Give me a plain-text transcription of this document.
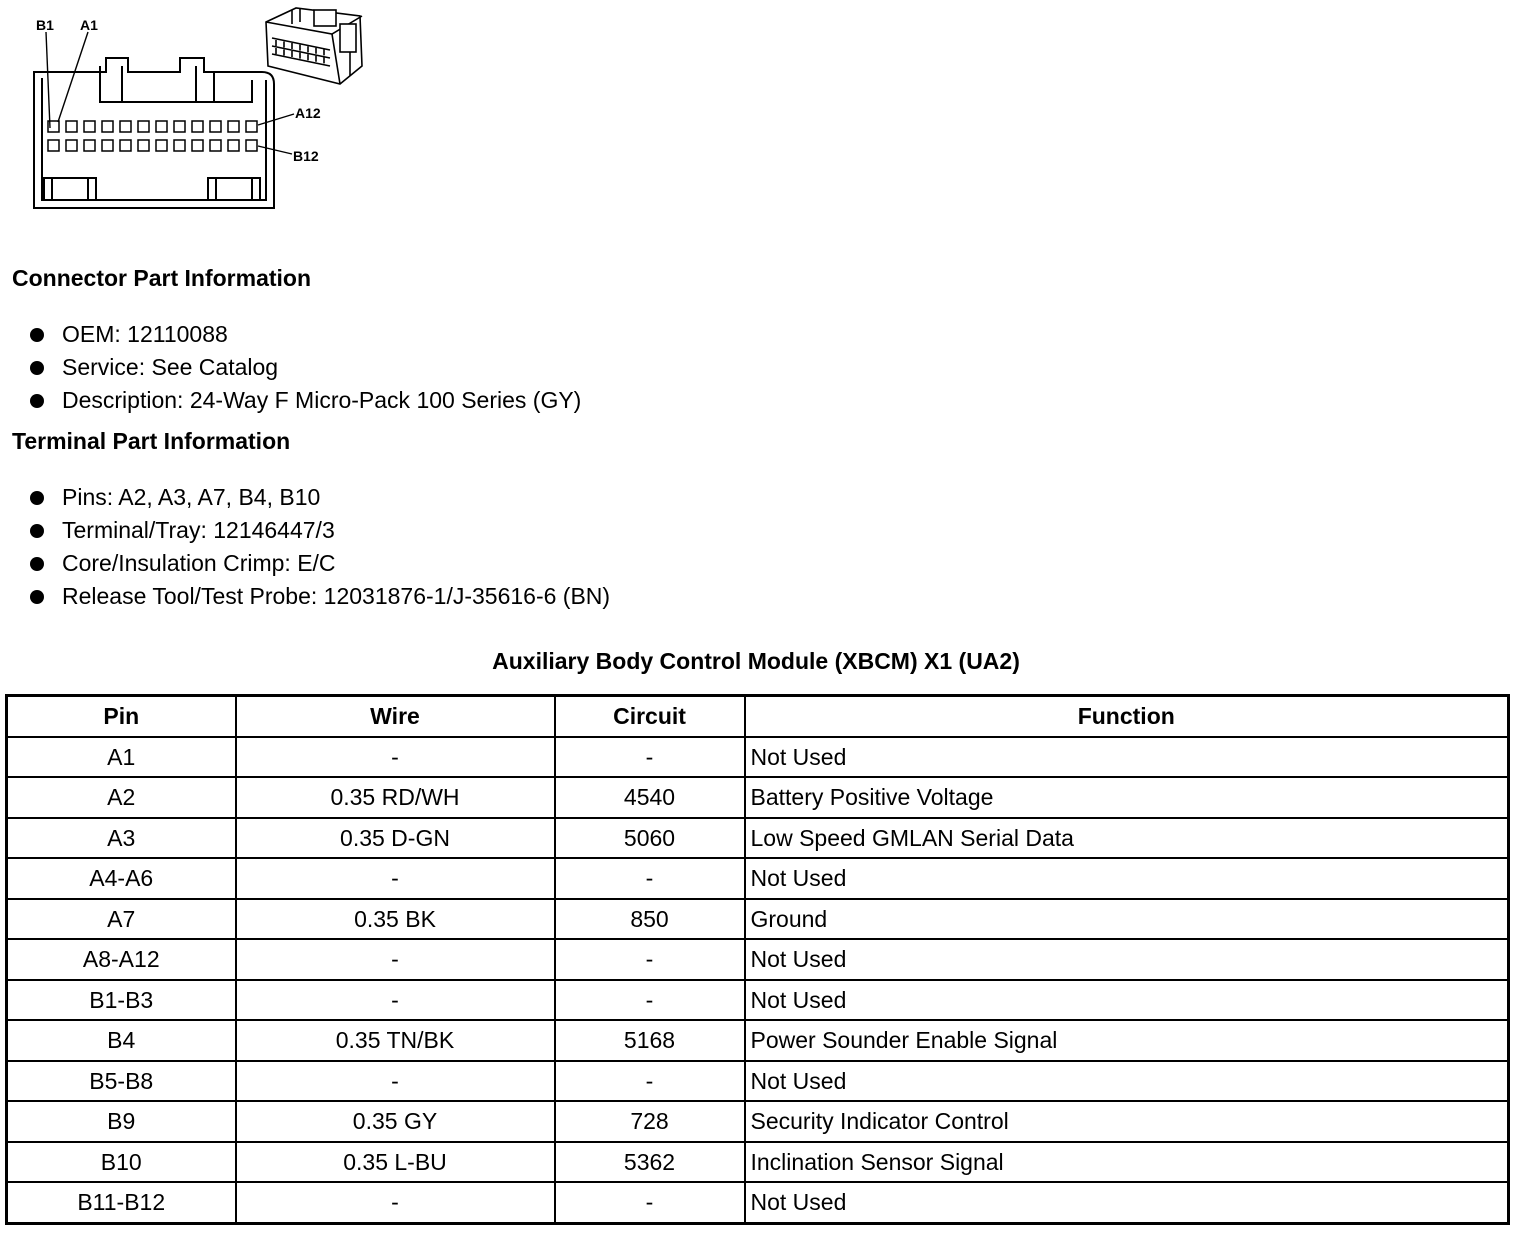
B1 A1
A12
B12
Connector Part Information
OEM: 12110088
Service: See Catalog
Description: 24-Way F Micro-Pack 100 Series (GY)
Terminal Part Information
Pins: A2, A3, A7, B4, B10
Terminal/Tray: 12146447/3
Core/Insulation Crimp: E/C
Release Tool/Test Probe: 12031876-1/J-35616-6 (BN)
Auxiliary Body Control Module (XBCM) X1 (UA2)
Pin	Wire	Circuit	Function
A1	-	-	Not Used
A2	0.35 RD/WH	4540	Battery Positive Voltage
A3	0.35 D-GN	5060	Low Speed GMLAN Serial Data
A4-A6	-	-	Not Used
A7	0.35 BK	850	Ground
A8-A12	-	-	Not Used
B1-B3	-	-	Not Used
B4	0.35 TN/BK	5168	Power Sounder Enable Signal
B5-B8	-	-	Not Used
B9	0.35 GY	728	Security Indicator Control
B10	0.35 L-BU	5362	Inclination Sensor Signal
B11-B12	-	-	Not Used
